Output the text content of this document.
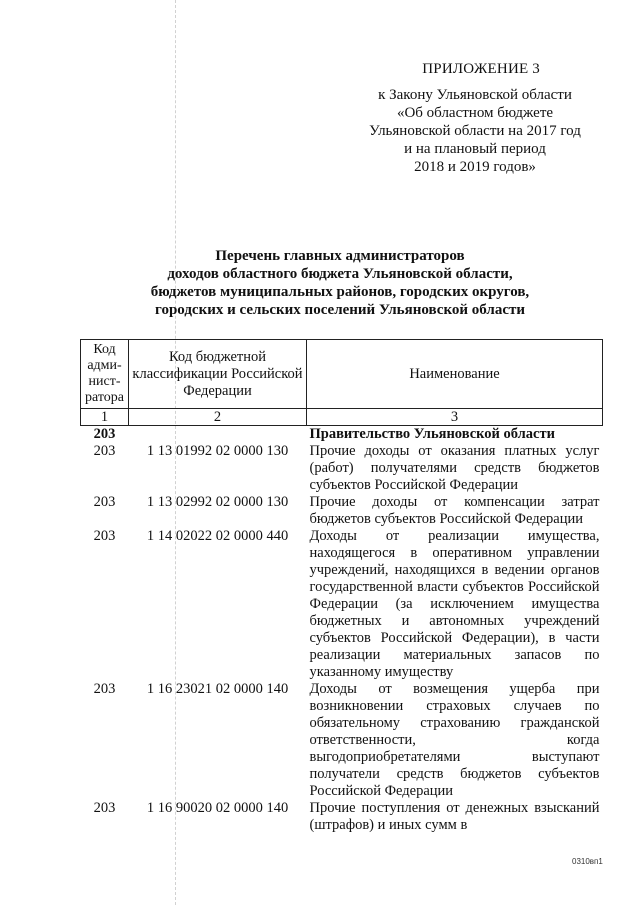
ПРИЛОЖЕНИЕ 3
к Закону Ульяновской области
«Об областном бюджете
Ульяновской области на 2017 год
и на плановый период
2018 и 2019 годов»
Перечень главных администраторов
доходов областного бюджета Ульяновской области,
бюджетов муниципальных районов, городских округов,
городских и сельских поселений Ульяновской области
Код адми-нист-ратора	Код бюджетной классификации Российской Федерации	Наименование
1	2	3
203		Правительство Ульяновской области
203	1 13 01992 02 0000 130	Прочие доходы от оказания платных услуг (работ) получателями средств бюджетов субъектов Российской Федерации
203	1 13 02992 02 0000 130	Прочие доходы от компенсации затрат бюджетов субъектов Российской Федерации
203	1 14 02022 02 0000 440	Доходы от реализации имущества, находящегося в оперативном управлении учреждений, находящихся в ведении органов государственной власти субъектов Российской Федерации (за исключением имущества бюджетных и автономных учреждений субъектов Российской Федерации), в части реализации материальных запасов по указанному имуществу
203	1 16 23021 02 0000 140	Доходы от возмещения ущерба при возникновении страховых случаев по обязательному страхованию гражданской ответственности, когда выгодоприобретателями выступают получатели средств бюджетов субъектов Российской Федерации
203	1 16 90020 02 0000 140	Прочие поступления от денежных взысканий (штрафов) и иных сумм в
0310вп1
